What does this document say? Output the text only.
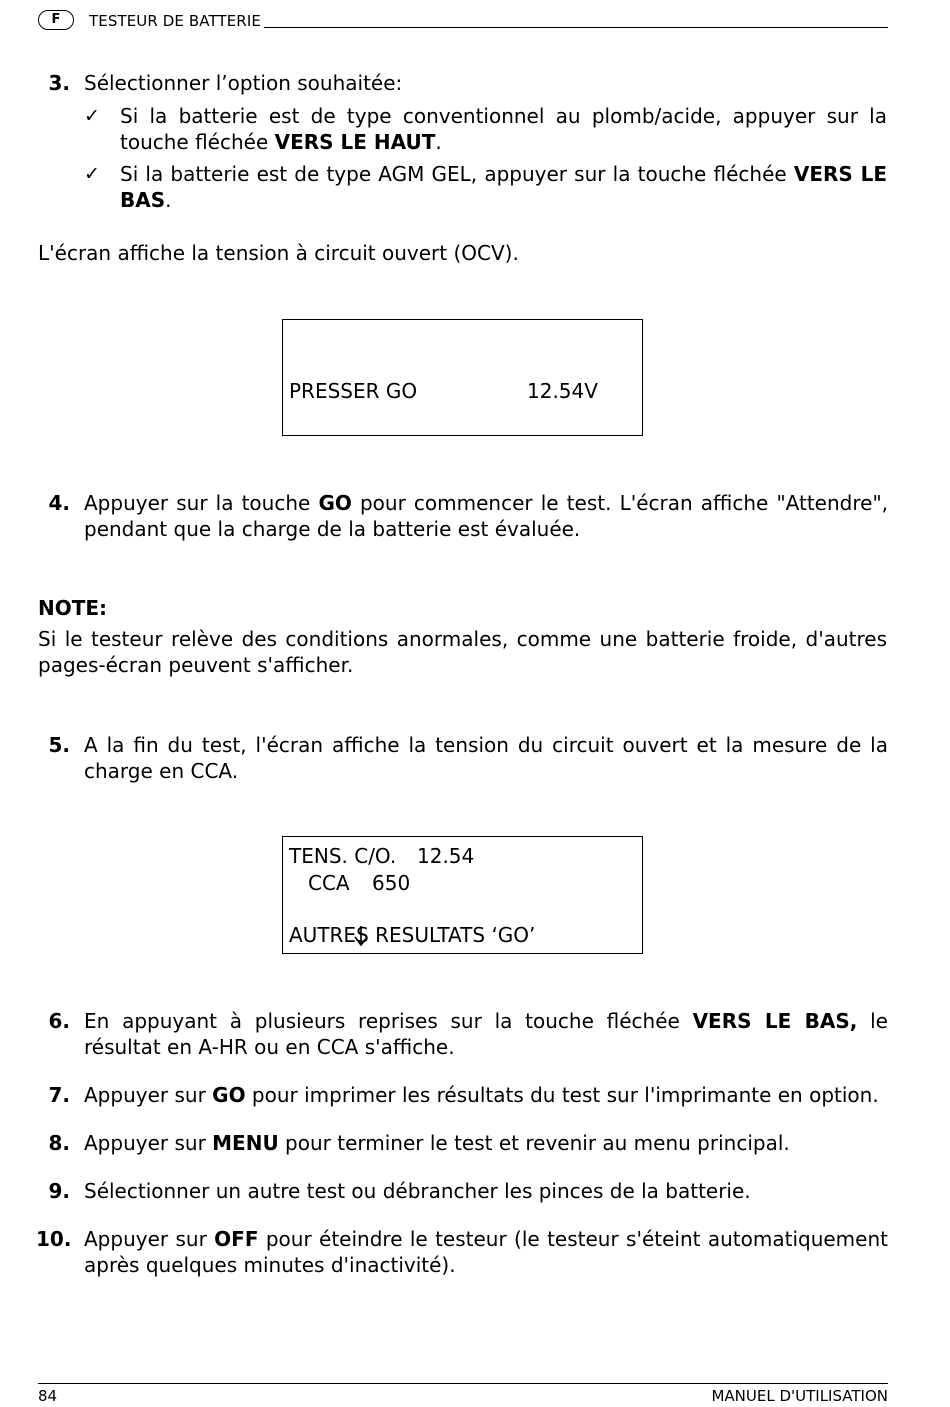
F	TESTEUR DE BATTERIE
3. Sélectionner l’option souhaitée:
✓ Si la batterie est de type conventionnel au plomb/acide, appuyer sur la touche fléchée VERS LE HAUT.
✓ Si la batterie est de type AGM GEL, appuyer sur la touche fléchée VERS LE BAS.
L'écran affiche la tension à circuit ouvert (OCV).
PRESSER GO	12.54V
4. Appuyer sur la touche GO pour commencer le test. L'écran affiche "Attendre", pendant que la charge de la batterie est évaluée.
NOTE:
Si le testeur relève des conditions anormales, comme une batterie froide, d'autres pages-écran peuvent s'afficher.
5. A la fin du test, l'écran affiche la tension du circuit ouvert et la mesure de la charge en CCA.
TENS. C/O. 12.54

CCA 650
AUTRES RESULTATS ‘GO’
6. En appuyant à plusieurs reprises sur la touche fléchée VERS LE BAS, le résultat en A-HR ou en CCA s'affiche.
7. Appuyer sur GO pour imprimer les résultats du test sur l'imprimante en option.
8. Appuyer sur MENU pour terminer le test et revenir au menu principal.
9. Sélectionner un autre test ou débrancher les pinces de la batterie.
10. Appuyer sur OFF pour éteindre le testeur (le testeur s'éteint automatiquement après quelques minutes d'inactivité).
84	MANUEL D'UTILISATION
